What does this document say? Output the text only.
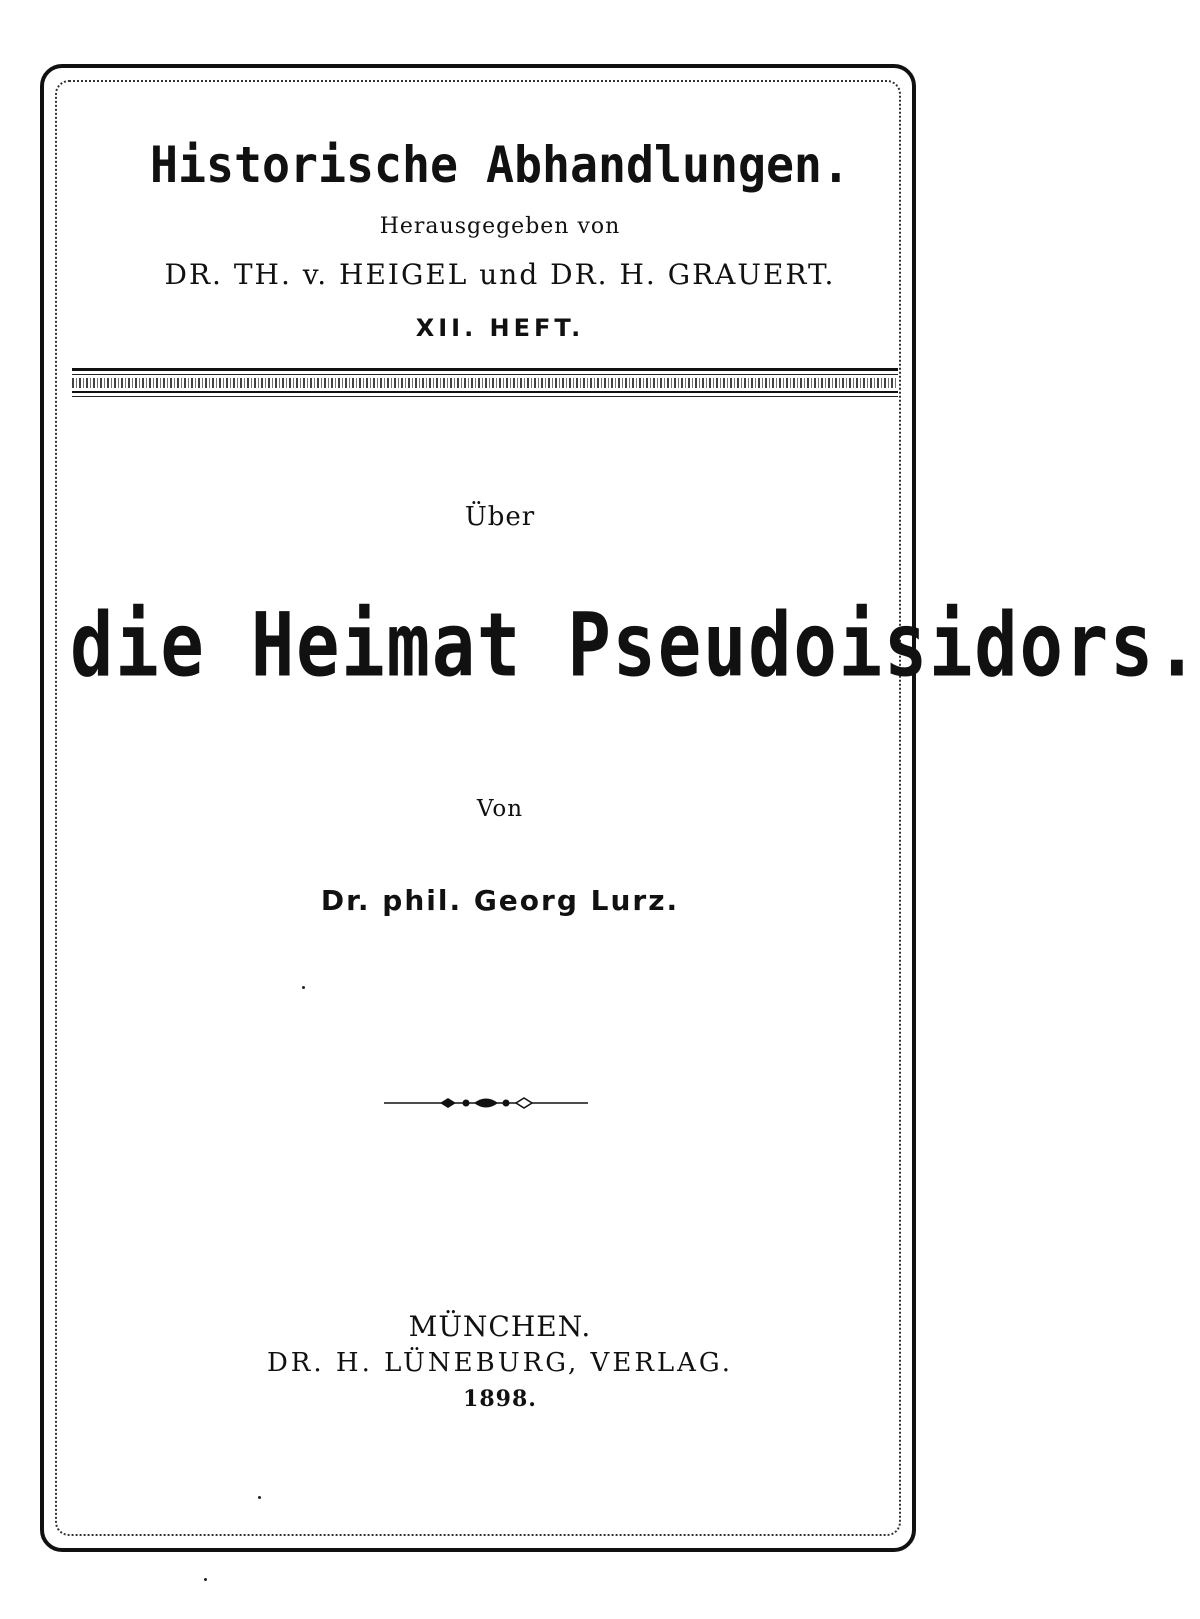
Historische Abhandlungen.
Herausgegeben von
DR. TH. v. HEIGEL und DR. H. GRAUERT.
XII. HEFT.
Über
die Heimat Pseudoisidors.
Von
Dr. phil. Georg Lurz.
MÜNCHEN.
DR. H. LÜNEBURG, VERLAG.
1898.
